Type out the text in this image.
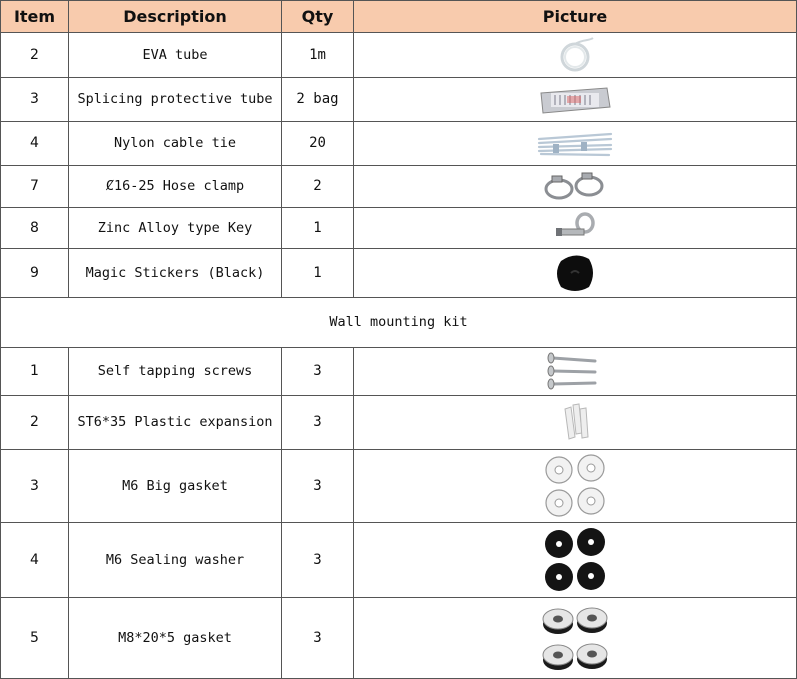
Item	Description	Qty	Picture
2	EVA tube	1m	

3	Splicing protective tube	2 bag	

4	Nylon cable tie	20	

7	Ȼ16-25 Hose clamp	2	

8	Zinc Alloy type Key	1	

9	Magic Stickers (Black)	1	

Wall mounting kit			
1	Self tapping screws	3	

2	ST6*35 Plastic expansion	3	

3	M6 Big gasket	3	

4	M6 Sealing washer	3	

5	M8*20*5 gasket	3	
